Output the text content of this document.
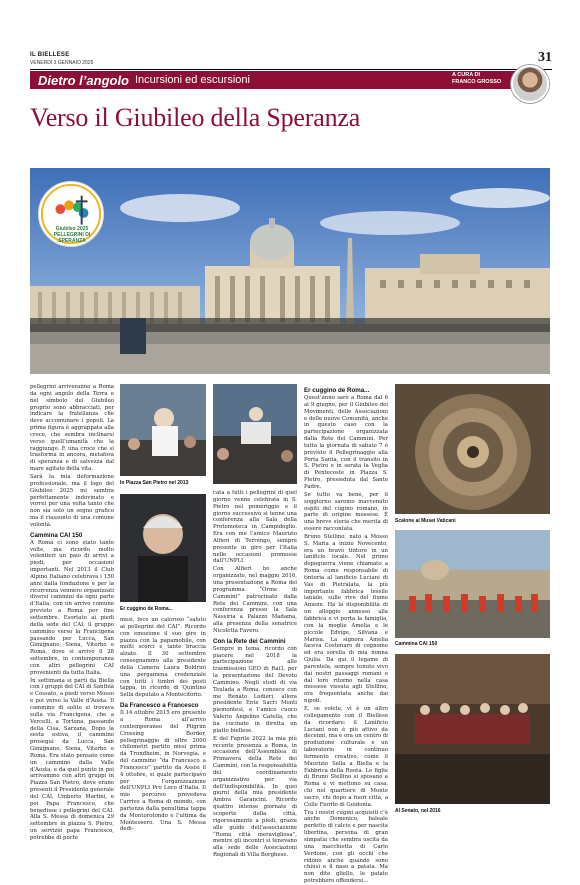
IL BIELLESE
VENERDÌ 3 GENNAIO 2025	31
Dietro l’angolo Incursioni ed escursioni	A CURA DI
FRANCO GROSSO
Verso il Giubileo della Speranza
Giubileo 2025
PELLEGRINI DI SPERANZA

pellegrini arriveranno a Roma da ogni angolo della Terra e nel simbolo del Giubileo proprio sono abbracciati, per indicare la fratellanza che deve accomunare i popoli. La prima figura è aggrappata alla croce, che sembra inclinarsi verso quell’umanità che la raggiunge. È una croce che si trasforma in ancora, metafora di speranza e di salvezza dal mare agitato della vita.

Sarà la mia deformazione professionale, ma il logo del Giubileo 2025 mi sembra perfettamente indovinato e vorrei per una volta tanto che non sia solo un segno grafico ma il riassunto di una comune volontà.

Cammina CAI 150

A Roma ci sono stato tante volte, ma ricordo molto volentieri un paio di arrivi a piedi, per occasioni importanti. Nel 2013 il Club Alpino Italiano celebrava i 150 anni dalla fondazione e per la ricorrenza vennero organizzati diversi cammini da ogni parte d’Italia, con un arrivo comune previsto a Roma per fine settembre. Esortato ai piedi della sede del CAI, il gruppo cammino verso la Francigena passando per Lucca, San Gimignano, Siena, Viterbo e Roma, dove si arrivò il 28 settembre, in contemporanea con altri pellegrini CAI provenienti da tutta Italia.

In settimana si partì da Biella con i gruppi del CAI di Santhià e Cossato, a piedi verso Mosso e poi verso la Valle d’Aosta. Il cammino di solito si trovava sulla via Francigena, che a Vercelli, a Tortona, passando della Cisa, Sarzana, Dopo la sesta estiva, il cammino proseguì da Lucca, San Gimignano, Siena, Viterbo e Roma. Era stato pensato come un cammino dalla Valle d’Aosta, e da quel punto in poi arrivammo con altri gruppi in Piazza San Pietro, dove erano presenti il Presidente generale del CAI, Umberto Martini, e poi Papa Francesco, che benedisse i pellegrini del CAI. Alla S. Messa di domenica 29 settembre in piazza S. Pietro, un servizio papa Francesco, potrebbe di pochi

In Piazza San Pietro nel 2013
Er cuggino de Roma...

mesi, fece un caloroso “saluto ai pellegrini del CAI”. Ricordo con emozione il suo giro in piazza con la papamobile, con molti scorci e tante braccia alzate. Il 30 settembre consegnammo alla presidente della Camera Laura Boldrini una pergamena credenziale con tutti i timbri dei posti tappa, in ricordo di Quintino Sella deputato a Montecitorio.

Da Francesco a Francesco

Il 14 ottobre 2015 ero presente a Roma all’arrivo contemporaneo del Pilgrim Crossing Border, pellegrinaggio di oltre 2000 chilometri partito mesi prima da Trondheim, in Norvegia, e del cammino “da Francesco a Francesco” partito da Assisi il 4 ottobre, si quale partecipavo per l’organizzazione dell’UNPLI Pro Loco d’Italia. Il mio percorso prevedeva l’arrivo a Roma di mondo, con partenza dalla penultima tappa da Montorotondo e l’ultima da Monteosero. Una S. Messa dedi-

cata a tutti i pellegrini di quel giorno venne celebrata in S. Pietro nel pomeriggio e il giorno successivo si tenne una conferenza alla Sala della Protomoteca in Campidoglio. Era con me l’amico Maurizio Alfieri di Terrengo, sempre presente in giro per l’Italia nelle occasioni promosse dall’UNPLI.

Con Alfieri ho anche organizzato, nel maggio 2016, una presentazione a Roma del programma “Orme di Cammini” patrocinato dalla Rete dei Cammini, con una conferenza presso la Sala Nassiria a Palazzo Madama, alla presenza della senatrice Nicoletta Favero.

Con la Rete dei Cammini

Sempre in tema, ricordo con piacere nel 2018 la partecipazione alle trasmissioni GEO di Rai3, per la presentazione del Devoto Cammino. Negli studi di via Teulada a Roma, conosco con me Renato Lodieri, allora presidente Ente Sacri Monti piemontesi, e l’amico cuoco Valerio Angelino Catella, che ha cucinato in diretta un piatto biellese.

E del Faprile 2022 la mia più recente presenza a Roma, in occasione dell’Assemblea di Primavera della Rete dei Cammini, con la responsabilità del coordinamento organizzativo per via dell’indisponibilità. In quei giorni della mia presidente Ambra Garancini. Ricordo quattro intense giornate di scoperte della città, rigorosamente a piedi, grazie alle guide dell’associazione “Roma città meravigliosa”, mentre gli incontri si tenevano alla sede delle Associazioni Regionali di Villa Borghese.

Er cuggino de Roma...

Quest’anno sarò a Roma dal 6 al 9 giugno, per il Giubileo dei Movimenti, delle Associazioni e delle nuove Comunità, anche in questo caso con la partecipazione organizzata dalla Rete dei Cammini. Per tutta la giornata di sabato 7 è previsto il Pellegrinaggio alla Porta Santa, con il transito in S. Pietro e in serata la Veglia di Pentecoste in Piazza S. Pietro, presieduta dal Santo Padre.

Se tutto va bene, per il soggiorno saremo inavvenuto ospiti del cugino romano, in parte di origine mossese. È una breve storia che merita di essere raccontata.

Bruno Stellino, nato a Mosso S. Maria a inizio Novecento, era un bravo tintore in un lanificio locale. Nel primo dopoguerra viene chiamato a Roma come responsabile di tintoria al lanificio Luciani di Vas di Pietralata, la più importante fabbrica tessile laniale, sulle rive del fiume Aniene. Ha la disponibilità di un alloggio annesso alla fabbrica e vi porta la famiglia, con la moglie Amelia e le piccole Edvige, Silvana e Marisa. La signora Amelia faceva Costenaro di cognome ed era sorella di mia nonna Giulia. Da qui il legame di parentela, sempre tenuto vivo dai nostri passaggi romani e dal loro ritorno nella casa mossese vissuta agli Stellino, ora frequentata anche dai nipoti.

E, se volete, vi è un altro collegamento con il Biellese da ricordare: il Lanificio Luciani non è più attivo da decenni, ma è ora un centro di produzione culturale e un laboratorio in continuo fermento creativo, come il Maurizio Sella a Biella e la Fabbrica della Ruota. Le figlie di Bruno Stellino si sposano a Roma e vi mettono su casa, chi nel quartiere di Monte sacro, chi dopo a fuori città, a Colle Fiorito di Guidonia.

Tra i nostri cugini acquisiti c’è anche Domenico, baleale perfetto di calcio e per nascita libertina, persona di gran simpatia che sembra uscita da una macchietta di Carlo Verdone, con gli occhi che ridono anche quando sono chiusi e il naso a patata. Ma non dite gliello, le patate potrebbero offendersi...

Scalone ai Musei Vaticani
Cammina CAI 150
Al Senato, nel 2016
